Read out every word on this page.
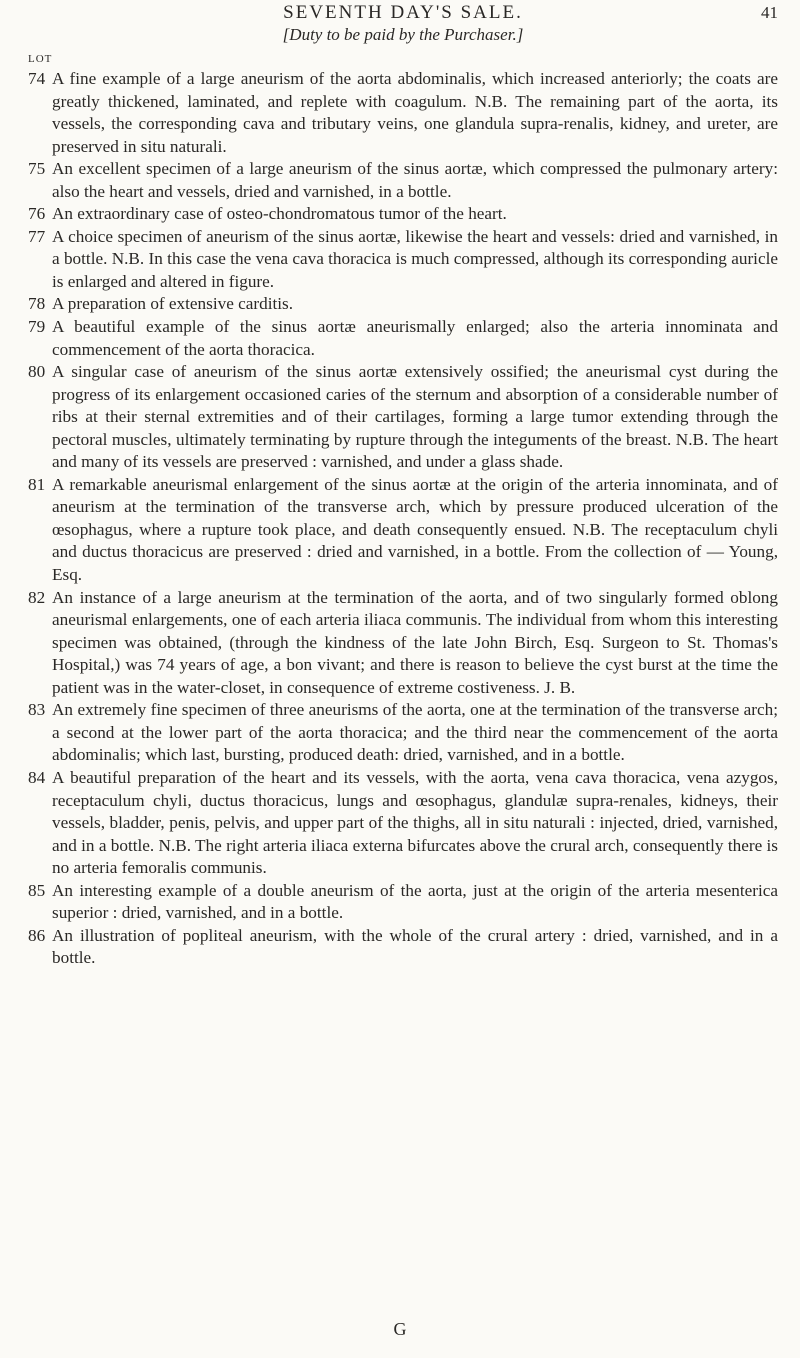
SEVENTH DAY'S SALE.	41
[Duty to be paid by the Purchaser.]
LOT
74 A fine example of a large aneurism of the aorta abdominalis, which increased anteriorly; the coats are greatly thickened, laminated, and replete with coagulum. N.B. The remaining part of the aorta, its vessels, the corresponding cava and tributary veins, one glandula supra-renalis, kidney, and ureter, are preserved in situ naturali.
75 An excellent specimen of a large aneurism of the sinus aortæ, which compressed the pulmonary artery: also the heart and vessels, dried and varnished, in a bottle.
76 An extraordinary case of osteo-chondromatous tumor of the heart.
77 A choice specimen of aneurism of the sinus aortæ, likewise the heart and vessels: dried and varnished, in a bottle. N.B. In this case the vena cava thoracica is much compressed, although its corresponding auricle is enlarged and altered in figure.
78 A preparation of extensive carditis.
79 A beautiful example of the sinus aortæ aneurismally enlarged; also the arteria innominata and commencement of the aorta thoracica.
80 A singular case of aneurism of the sinus aortæ extensively ossified; the aneurismal cyst during the progress of its enlargement occasioned caries of the sternum and absorption of a considerable number of ribs at their sternal extremities and of their cartilages, forming a large tumor extending through the pectoral muscles, ultimately terminating by rupture through the integuments of the breast. N.B. The heart and many of its vessels are preserved : varnished, and under a glass shade.
81 A remarkable aneurismal enlargement of the sinus aortæ at the origin of the arteria innominata, and of aneurism at the termination of the transverse arch, which by pressure produced ulceration of the œsophagus, where a rupture took place, and death consequently ensued. N.B. The receptaculum chyli and ductus thoracicus are preserved : dried and varnished, in a bottle. From the collection of — Young, Esq.
82 An instance of a large aneurism at the termination of the aorta, and of two singularly formed oblong aneurismal enlargements, one of each arteria iliaca communis. The individual from whom this interesting specimen was obtained, (through the kindness of the late John Birch, Esq. Surgeon to St. Thomas's Hospital,) was 74 years of age, a bon vivant; and there is reason to believe the cyst burst at the time the patient was in the water-closet, in consequence of extreme costiveness. J. B.
83 An extremely fine specimen of three aneurisms of the aorta, one at the termination of the transverse arch; a second at the lower part of the aorta thoracica; and the third near the commencement of the aorta abdominalis; which last, bursting, produced death: dried, varnished, and in a bottle.
84 A beautiful preparation of the heart and its vessels, with the aorta, vena cava thoracica, vena azygos, receptaculum chyli, ductus thoracicus, lungs and œsophagus, glandulæ supra-renales, kidneys, their vessels, bladder, penis, pelvis, and upper part of the thighs, all in situ naturali : injected, dried, varnished, and in a bottle. N.B. The right arteria iliaca externa bifurcates above the crural arch, consequently there is no arteria femoralis communis.
85 An interesting example of a double aneurism of the aorta, just at the origin of the arteria mesenterica superior : dried, varnished, and in a bottle.
86 An illustration of popliteal aneurism, with the whole of the crural artery : dried, varnished, and in a bottle.
G
